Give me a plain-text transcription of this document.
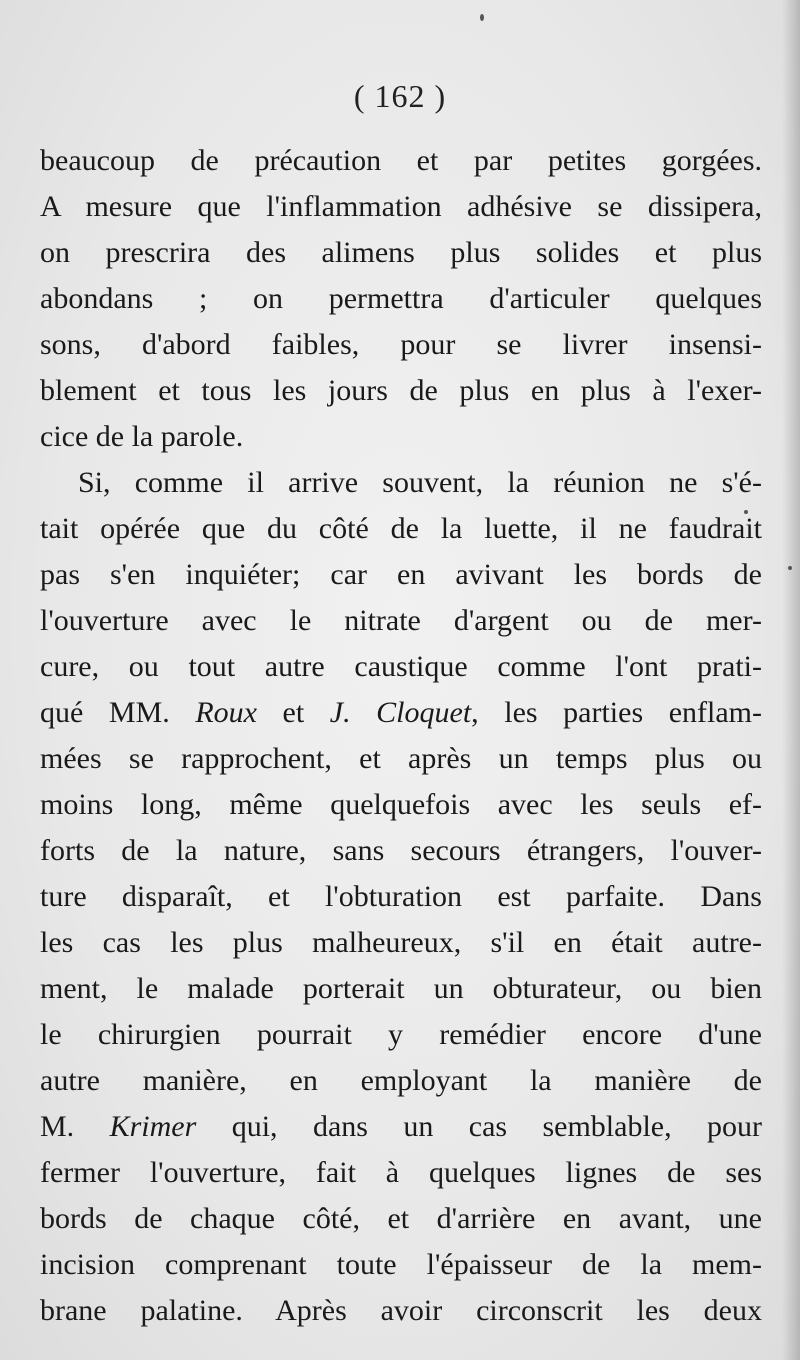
( 162 )
beaucoup de précaution et par petites gorgées.
A mesure que l'inflammation adhésive se dissipera,
on prescrira des alimens plus solides et plus
abondans ; on permettra d'articuler quelques
sons, d'abord faibles, pour se livrer insensi-
blement et tous les jours de plus en plus à l'exer-
cice de la parole.
Si, comme il arrive souvent, la réunion ne s'é-
tait opérée que du côté de la luette, il ne faudrait
pas s'en inquiéter; car en avivant les bords de
l'ouverture avec le nitrate d'argent ou de mer-
cure, ou tout autre caustique comme l'ont prati-
qué MM. Roux et J. Cloquet, les parties enflam-
mées se rapprochent, et après un temps plus ou
moins long, même quelquefois avec les seuls ef-
forts de la nature, sans secours étrangers, l'ouver-
ture disparaît, et l'obturation est parfaite. Dans
les cas les plus malheureux, s'il en était autre-
ment, le malade porterait un obturateur, ou bien
le chirurgien pourrait y remédier encore d'une
autre manière, en employant la manière de
M. Krimer qui, dans un cas semblable, pour
fermer l'ouverture, fait à quelques lignes de ses
bords de chaque côté, et d'arrière en avant, une
incision comprenant toute l'épaisseur de la mem-
brane palatine. Après avoir circonscrit les deux
